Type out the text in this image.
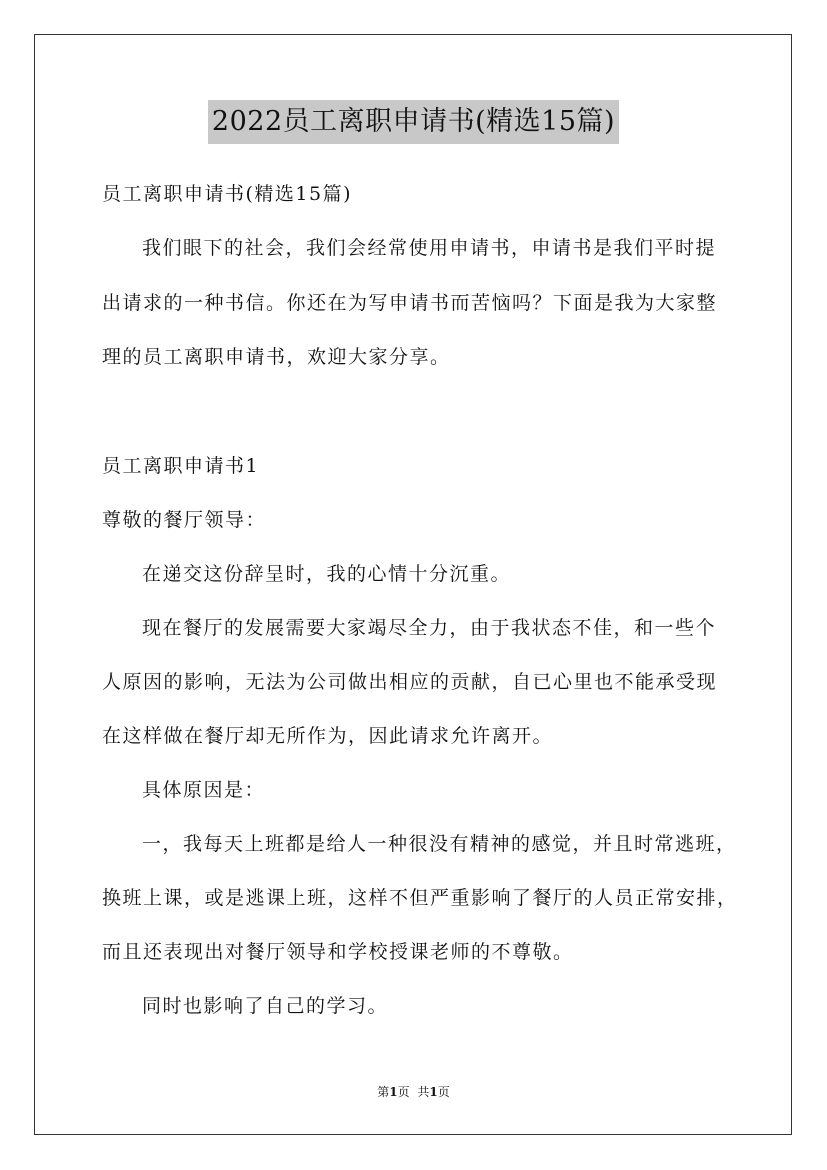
2022员工离职申请书(精选15篇)
员工离职申请书(精选15篇)
我们眼下的社会，我们会经常使用申请书，申请书是我们平时提
出请求的一种书信。你还在为写申请书而苦恼吗？下面是我为大家整
理的员工离职申请书，欢迎大家分享。
员工离职申请书1
尊敬的餐厅领导：
在递交这份辞呈时，我的心情十分沉重。
现在餐厅的发展需要大家竭尽全力，由于我状态不佳，和一些个
人原因的影响，无法为公司做出相应的贡献，自已心里也不能承受现
在这样做在餐厅却无所作为，因此请求允许离开。
具体原因是：
一，我每天上班都是给人一种很没有精神的感觉，并且时常逃班，
换班上课，或是逃课上班，这样不但严重影响了餐厅的人员正常安排，
而且还表现出对餐厅领导和学校授课老师的不尊敬。
同时也影响了自己的学习。
第1页 共1页
